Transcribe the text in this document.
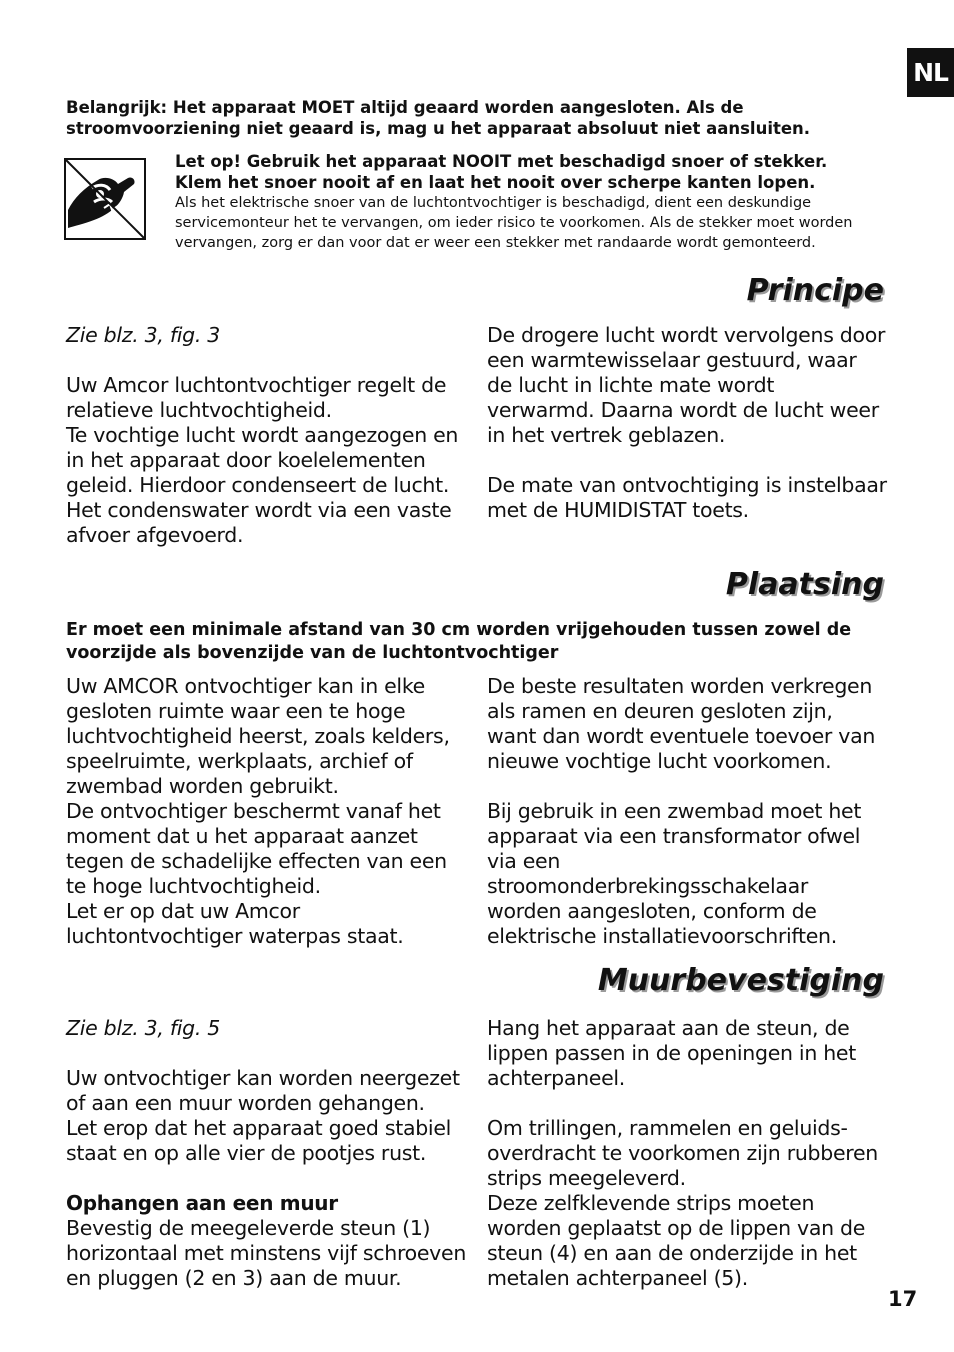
NL

Belangrijk: Het apparaat MOET altijd geaard worden aangesloten. Als de stroomvoorziening niet geaard is, mag u het apparaat absoluut niet aansluiten.

Let op! Gebruik het apparaat NOOIT met beschadigd snoer of stekker.
Klem het snoer nooit af en laat het nooit over scherpe kanten lopen.
Als het elektrische snoer van de luchtontvochtiger is beschadigd, dient een deskundige servicemonteur het te vervangen, om ieder risico te voorkomen. Als de stekker moet worden vervangen, zorg er dan voor dat er weer een stekker met randaarde wordt gemonteerd.

Principe

Zie blz. 3, fig. 3

Uw Amcor luchtontvochtiger regelt de relatieve luchtvochtigheid.

Te vochtige lucht wordt aangezogen en in het apparaat door koelelementen geleid. Hierdoor condenseert de lucht. Het condenswater wordt via een vaste afvoer afgevoerd.

De drogere lucht wordt vervolgens door een warmtewisselaar gestuurd, waar de lucht in lichte mate wordt verwarmd. Daarna wordt de lucht weer in het vertrek geblazen.

De mate van ontvochtiging is instelbaar met de HUMIDISTAT toets.

Plaatsing

Er moet een minimale afstand van 30 cm worden vrijgehouden tussen zowel de voorzijde als bovenzijde van de luchtontvochtiger

Uw AMCOR ontvochtiger kan in elke gesloten ruimte waar een te hoge luchtvochtigheid heerst, zoals kelders, speelruimte, werkplaats, archief of zwembad worden gebruikt.

De ontvochtiger beschermt vanaf het moment dat u het apparaat aanzet tegen de schadelijke effecten van een te hoge luchtvochtigheid.

Let er op dat uw Amcor luchtontvochtiger waterpas staat.

De beste resultaten worden verkregen als ramen en deuren gesloten zijn, want dan wordt eventuele toevoer van nieuwe vochtige lucht voorkomen.

Bij gebruik in een zwembad moet het apparaat via een transformator ofwel via een stroomonderbrekingsschakelaar worden aangesloten, conform de elektrische installatievoorschriften.

Muurbevestiging

Zie blz. 3, fig. 5

Uw ontvochtiger kan worden neergezet of aan een muur worden gehangen.

Let erop dat het apparaat goed stabiel staat en op alle vier de pootjes rust.

Ophangen aan een muur

Bevestig de meegeleverde steun (1) horizontaal met minstens vijf schroeven en pluggen (2 en 3) aan de muur.

Hang het apparaat aan de steun, de lippen passen in de openingen in het achterpaneel.

Om trillingen, rammelen en geluids-overdracht te voorkomen zijn rubberen strips meegeleverd.

Deze zelfklevende strips moeten worden geplaatst op de lippen van de steun (4) en aan de onderzijde in het metalen achterpaneel (5).

17
